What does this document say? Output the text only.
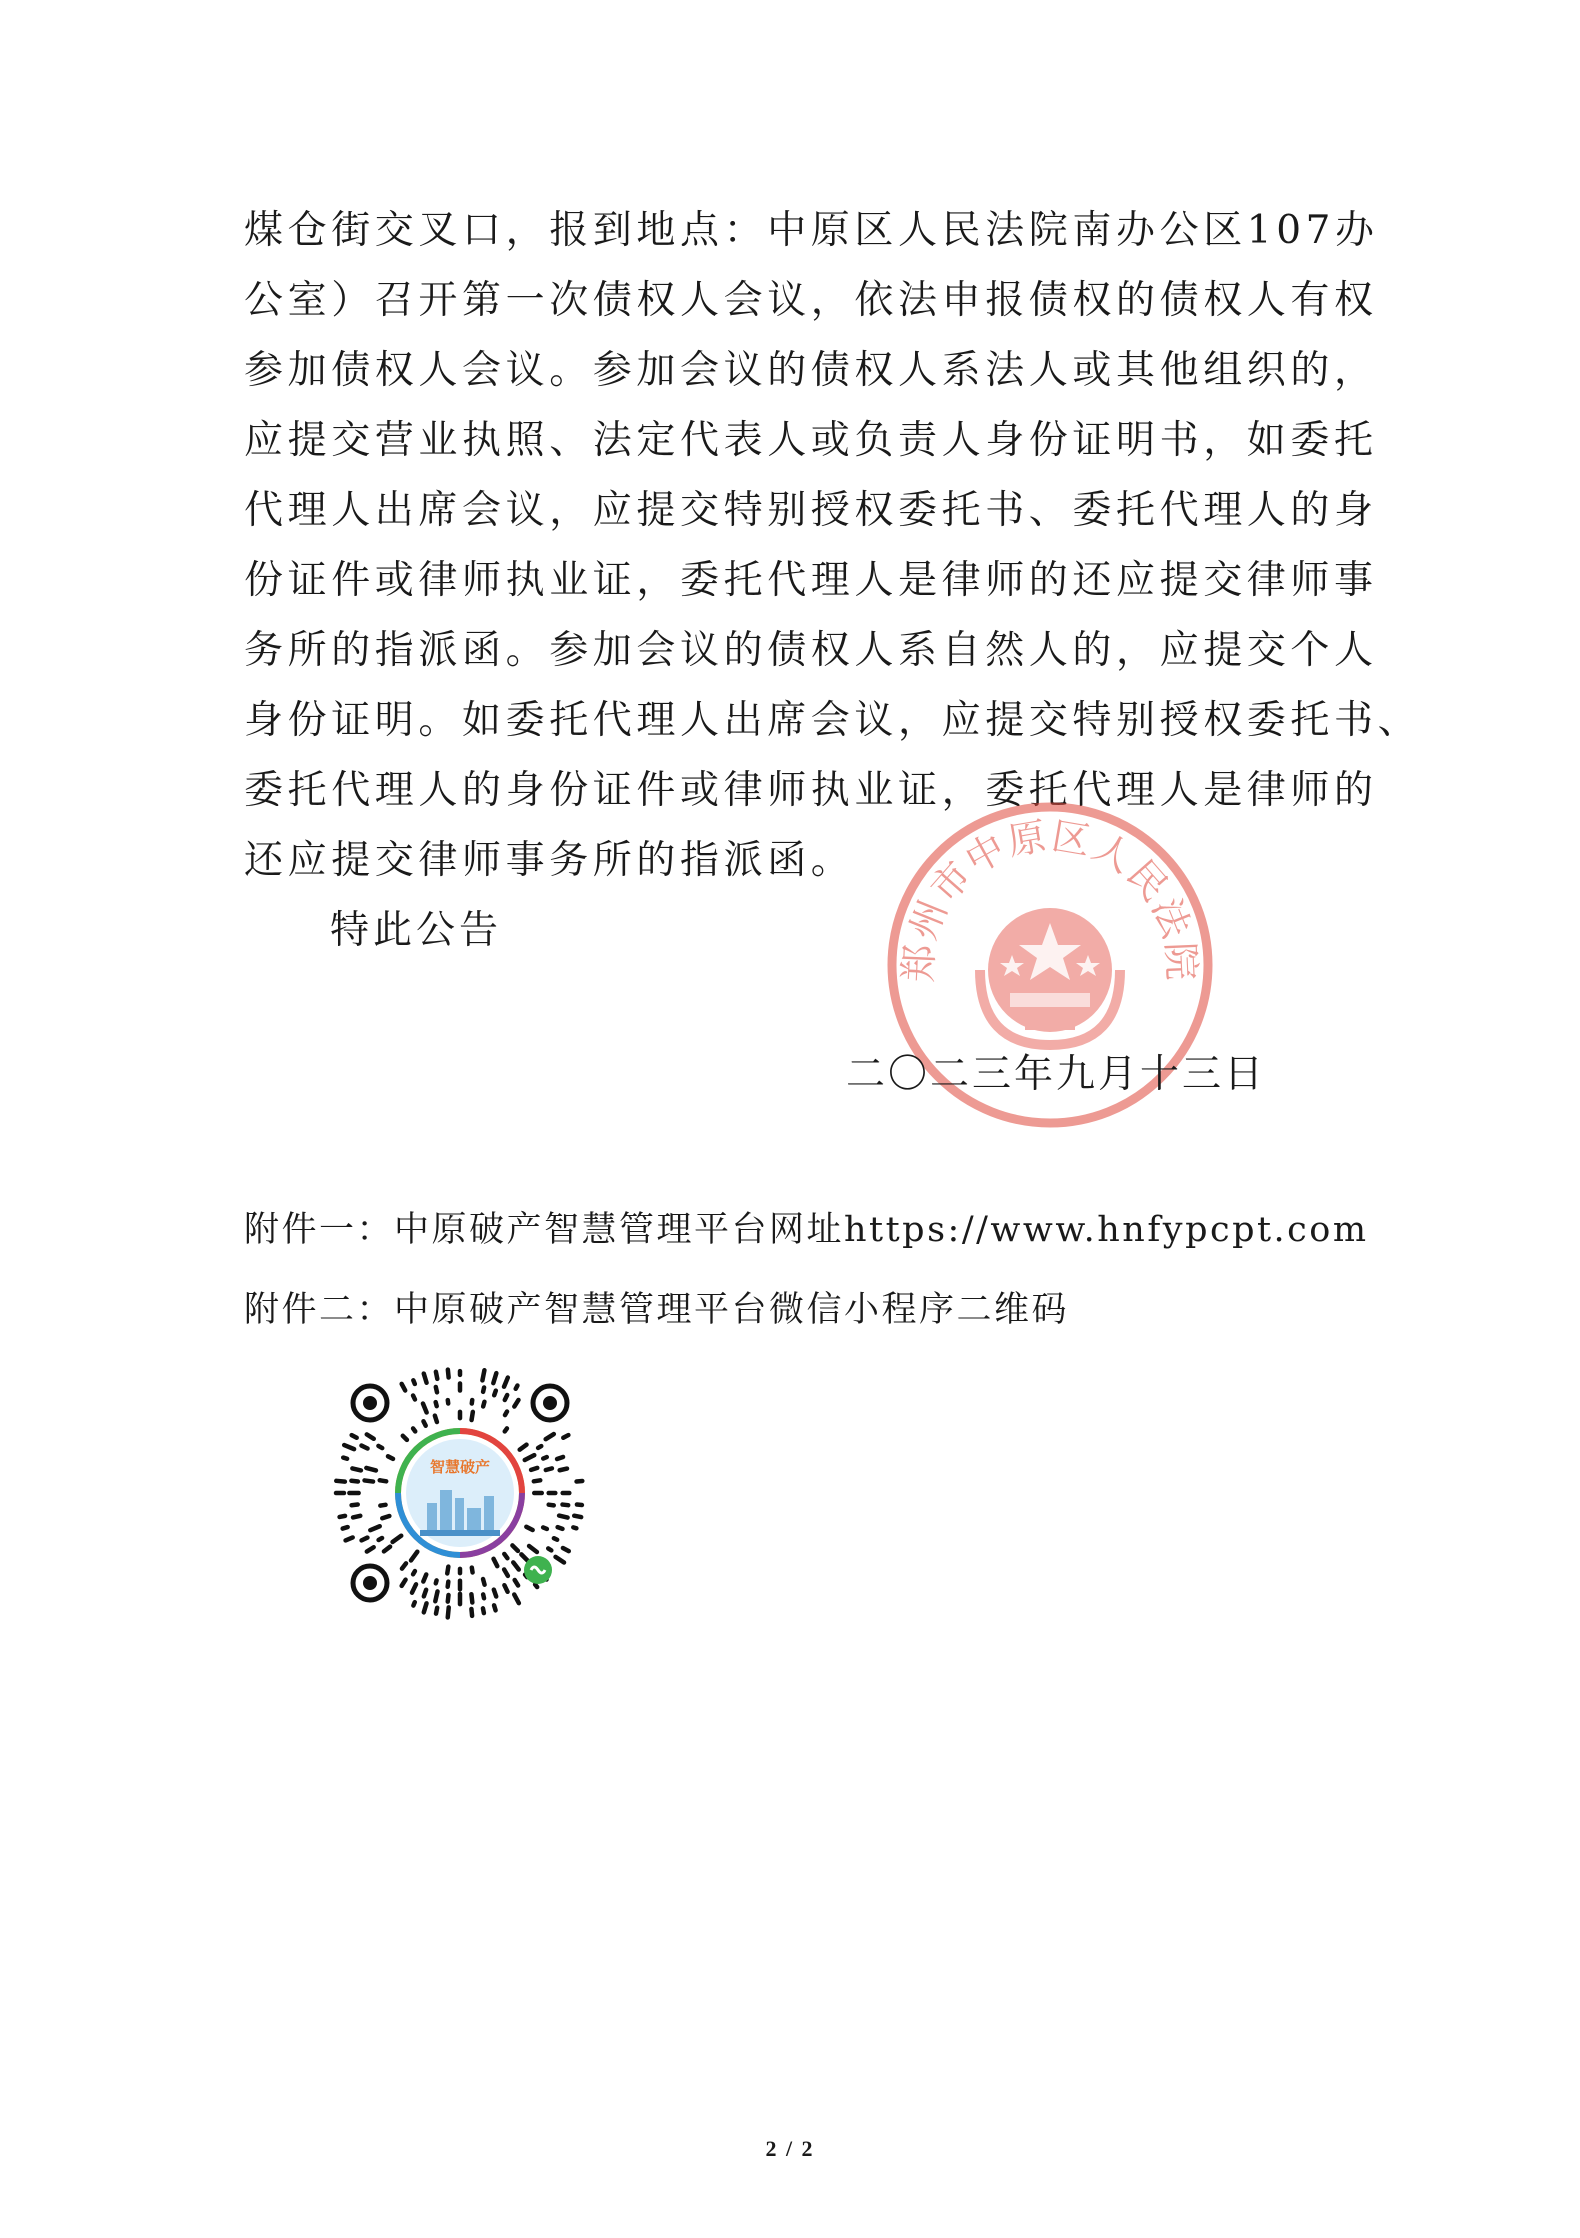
煤仓街交叉口，报到地点：中原区人民法院南办公区107办
公室）召开第一次债权人会议，依法申报债权的债权人有权
参加债权人会议。参加会议的债权人系法人或其他组织的，
应提交营业执照、法定代表人或负责人身份证明书，如委托
代理人出席会议，应提交特别授权委托书、委托代理人的身
份证件或律师执业证，委托代理人是律师的还应提交律师事
务所的指派函。参加会议的债权人系自然人的，应提交个人
身份证明。如委托代理人出席会议，应提交特别授权委托书、
委托代理人的身份证件或律师执业证，委托代理人是律师的
还应提交律师事务所的指派函。
特此公告
郑州市中原区人民法院
二〇二三年九月十三日
附件一：中原破产智慧管理平台网址https://www.hnfypcpt.com
附件二：中原破产智慧管理平台微信小程序二维码
智慧破产
2 / 2
